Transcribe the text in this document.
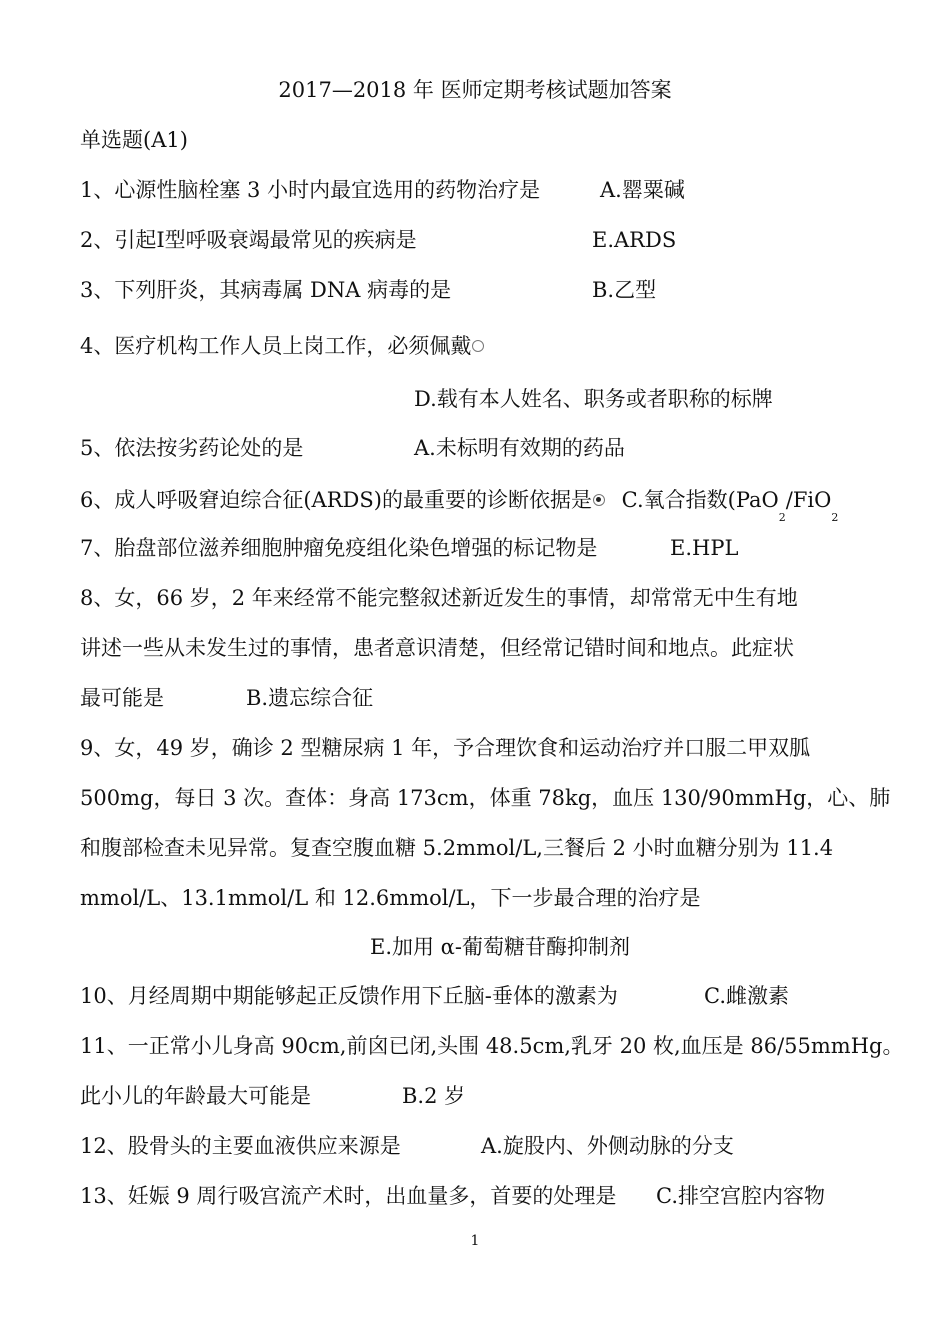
2017—2018 年 医师定期考核试题加答案
单选题(A1)
1、心源性脑栓塞 3 小时内最宜选用的药物治疗是	A.罂粟碱
2、引起Ⅰ型呼吸衰竭最常见的疾病是	E.ARDS
3、下列肝炎，其病毒属 DNA 病毒的是	B.乙型
4、医疗机构工作人员上岗工作，必须佩戴
D.载有本人姓名、职务或者职称的标牌
5、依法按劣药论处的是	A.未标明有效期的药品
6、成人呼吸窘迫综合征(ARDS)的最重要的诊断依据是 C.氧合指数(PaO$_2$/FiO$_2$
7、胎盘部位滋养细胞肿瘤免疫组化染色增强的标记物是	E.HPL
8、女，66 岁，2 年来经常不能完整叙述新近发生的事情，却常常无中生有地
讲述一些从未发生过的事情，患者意识清楚，但经常记错时间和地点。此症状
最可能是	B.遗忘综合征
9、女，49 岁，确诊 2 型糖尿病 1 年，予合理饮食和运动治疗并口服二甲双胍
500mg，每日 3 次。查体：身高 173cm，体重 78kg，血压 130/90mmHg，心、肺
和腹部检查未见异常。复查空腹血糖 5.2mmol/L,三餐后 2 小时血糖分别为 11.4
mmol/L、13.1mmol/L 和 12.6mmol/L，下一步最合理的治疗是
E.加用 α-葡萄糖苷酶抑制剂
10、月经周期中期能够起正反馈作用下丘脑-垂体的激素为	C.雌激素
11、一正常小儿身高 90cm,前囟已闭,头围 48.5cm,乳牙 20 枚,血压是 86/55mmHg。
此小儿的年龄最大可能是	B.2 岁
12、股骨头的主要血液供应来源是	A.旋股内、外侧动脉的分支
13、妊娠 9 周行吸宫流产术时，出血量多，首要的处理是 C.排空宫腔内容物
1
